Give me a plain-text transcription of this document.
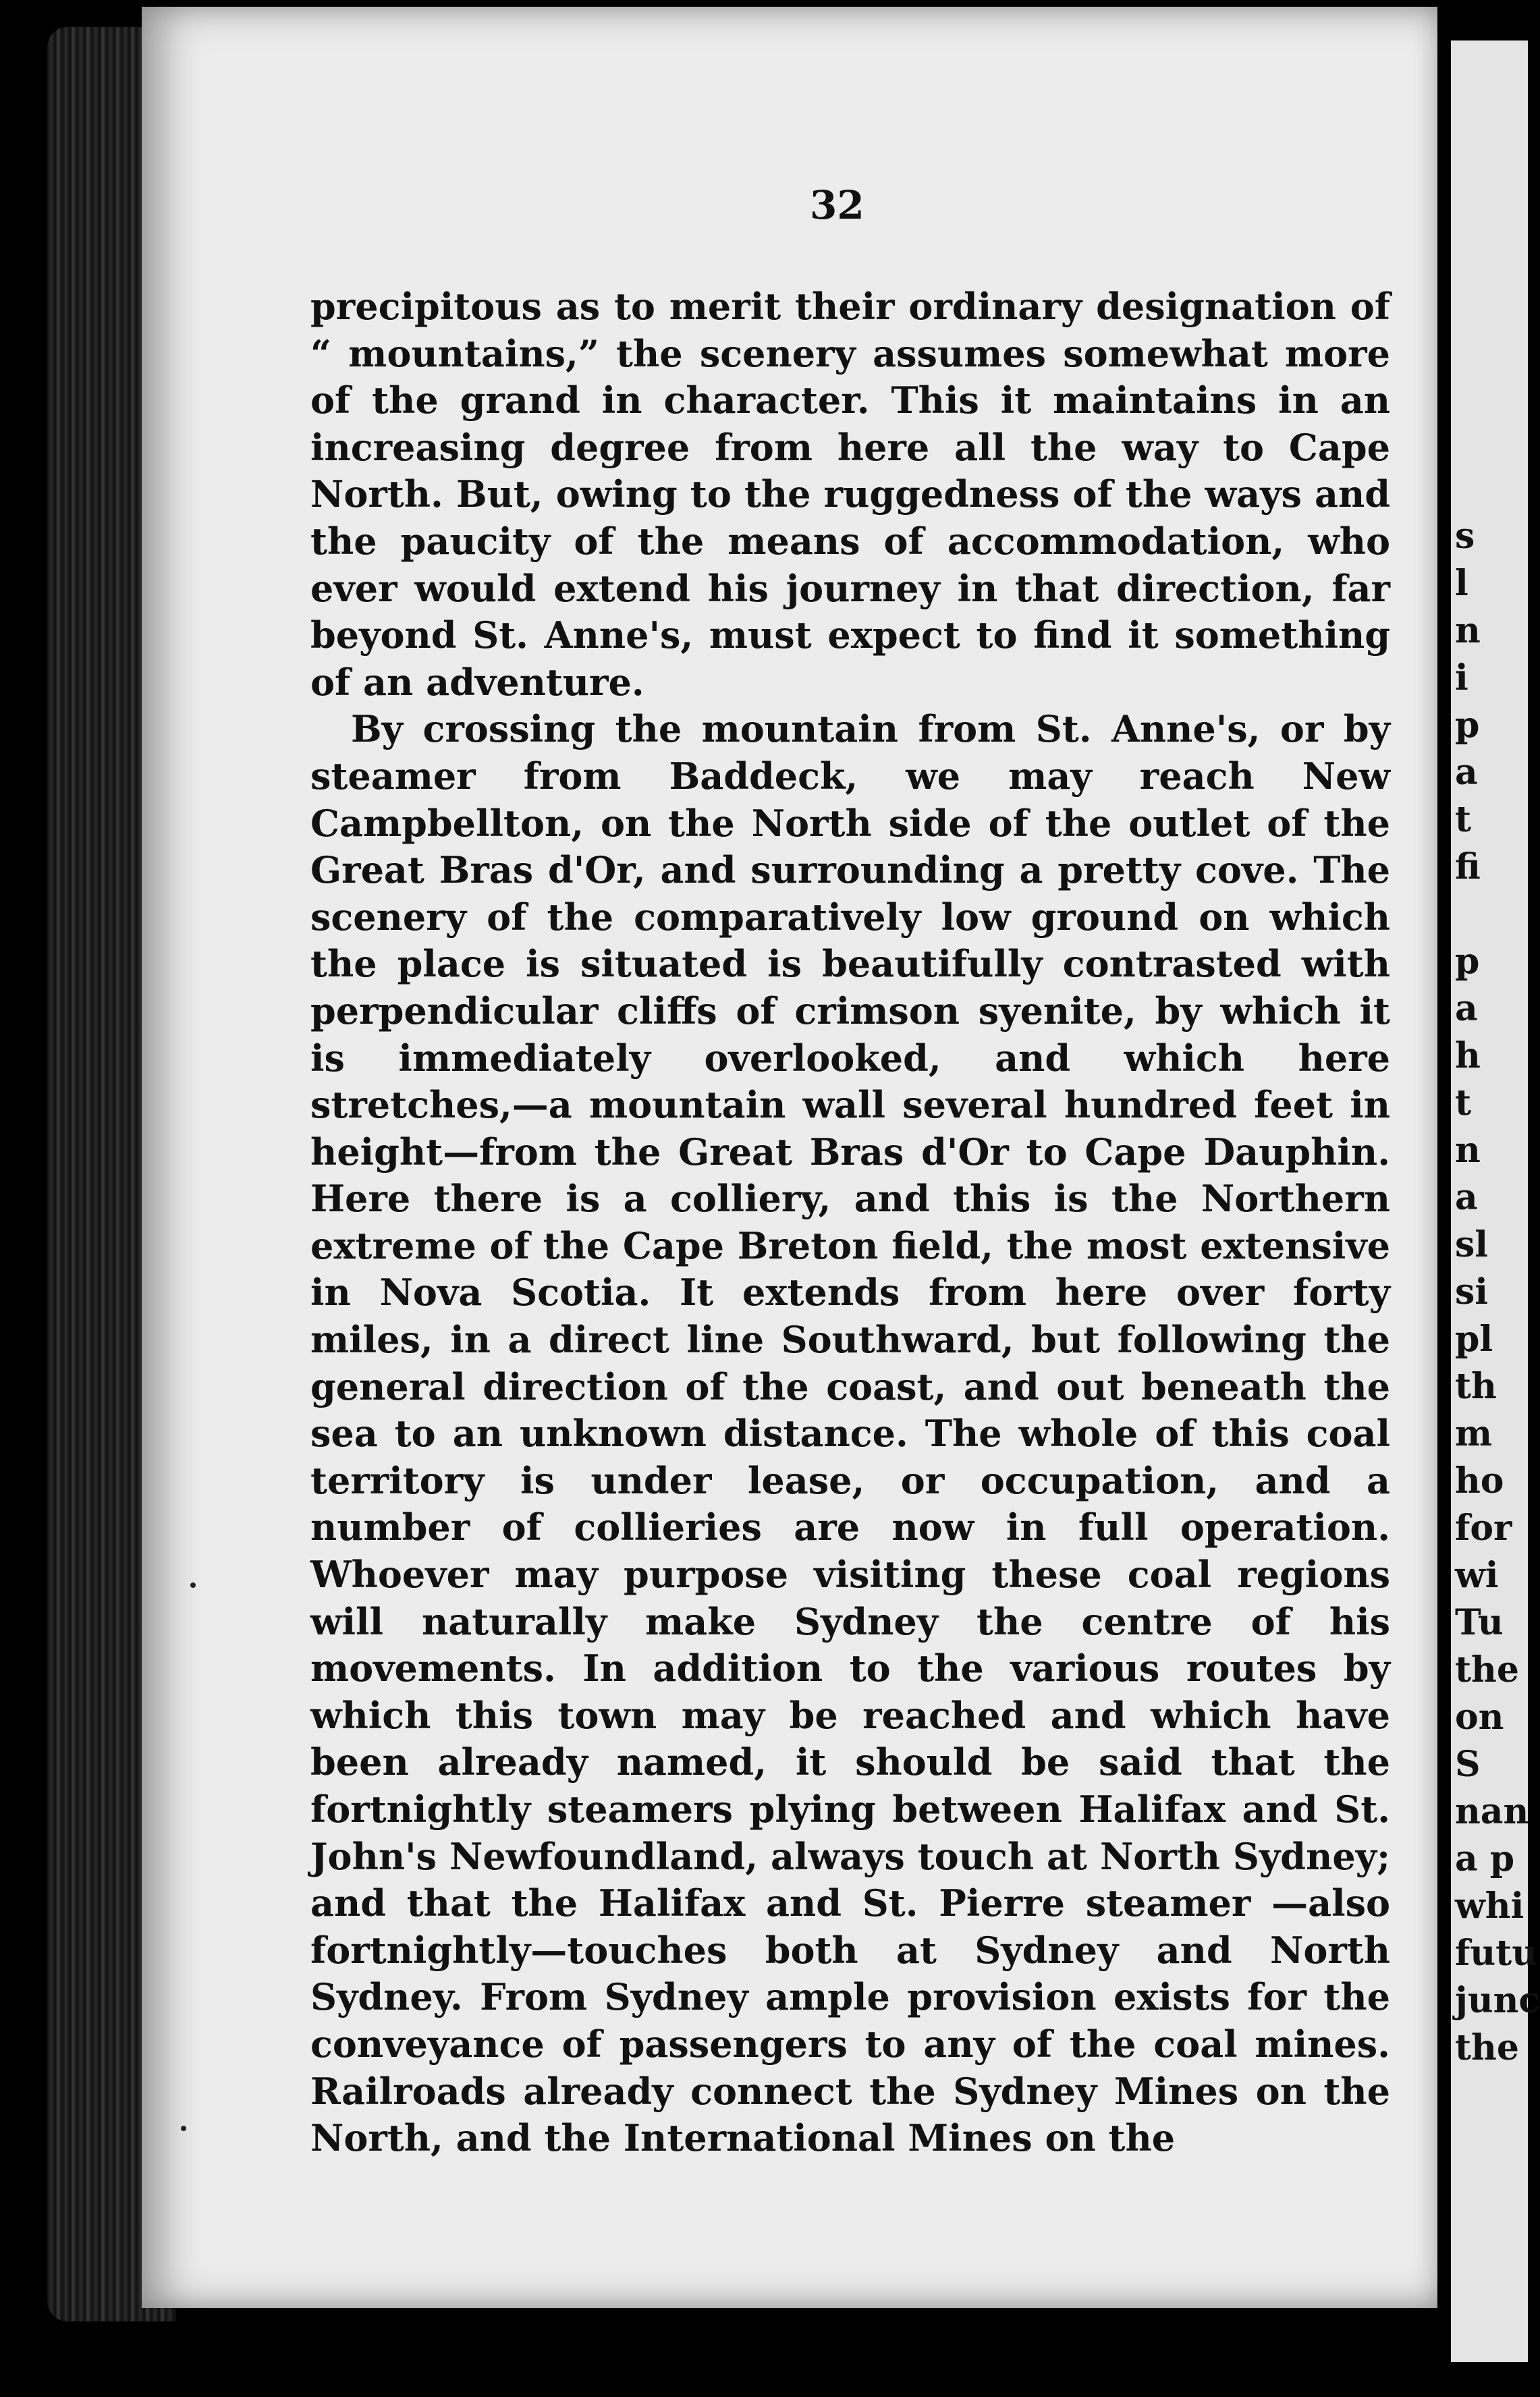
32

precipitous as to merit their ordinary designation of “ mountains,” the scenery assumes somewhat more of the grand in character. This it maintains in an increasing degree from here all the way to Cape North. But, owing to the ruggedness of the ways and the paucity of the means of accommodation, who ever would extend his journey in that direction, far beyond St. Anne's, must expect to find it something of an adventure.

By crossing the mountain from St. Anne's, or by steamer from Baddeck, we may reach New Campbellton, on the North side of the outlet of the Great Bras d'Or, and surrounding a pretty cove. The scenery of the comparatively low ground on which the place is situated is beautifully contrasted with perpendicular cliffs of crimson syenite, by which it is immediately overlooked, and which here stretches,—a mountain wall several hundred feet in height—from the Great Bras d'Or to Cape Dauphin. Here there is a colliery, and this is the Northern extreme of the Cape Breton field, the most extensive in Nova Scotia. It extends from here over forty miles, in a direct line Southward, but following the general direction of the coast, and out beneath the sea to an unknown distance. The whole of this coal territory is under lease, or occupation, and a number of collieries are now in full operation. Whoever may purpose visiting these coal regions will naturally make Sydney the centre of his movements. In addition to the various routes by which this town may be reached and which have been already named, it should be said that the fortnightly steamers plying between Halifax and St. John's Newfoundland, always touch at North Sydney; and that the Halifax and St. Pierre steamer —also fortnightly—touches both at Sydney and North Sydney. From Sydney ample provision exists for the conveyance of passengers to any of the coal mines. Railroads already connect the Sydney Mines on the North, and the International Mines on the

s
l
n
i
p
a
t
fi

p
a
h
t
n
a
sl
si
pl
th
m
ho
for
wi
Tu
the
on
S
nan
a p
whi
futu
junc
the
